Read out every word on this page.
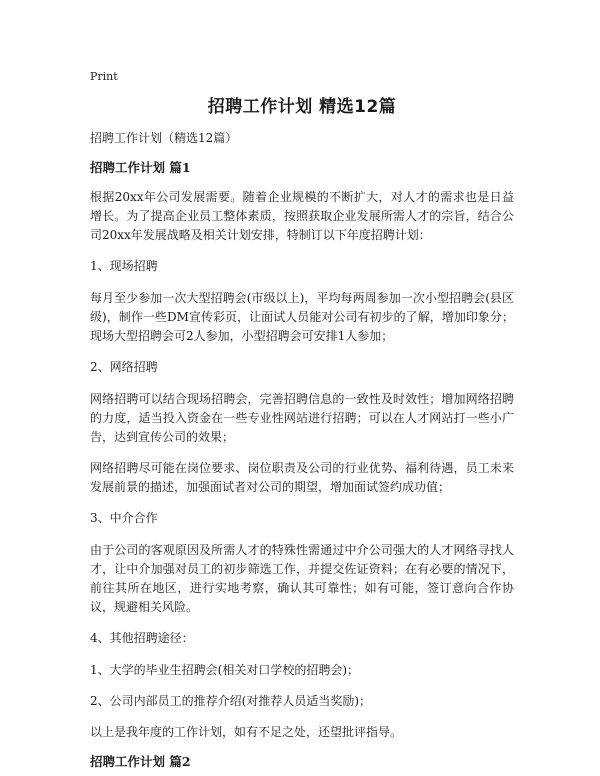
Print
招聘工作计划 精选12篇
招聘工作计划（精选12篇）
招聘工作计划 篇1
根据20xx年公司发展需要。随着企业规模的不断扩大，对人才的需求也是日益增长。为了提高企业员工整体素质，按照获取企业发展所需人才的宗旨，结合公司20xx年发展战略及相关计划安排，特制订以下年度招聘计划：
1、现场招聘
每月至少参加一次大型招聘会(市级以上)，平均每两周参加一次小型招聘会(县区级)，制作一些DM宣传彩页，让面试人员能对公司有初步的了解，增加印象分；现场大型招聘会可2人参加，小型招聘会可安排1人参加；
2、网络招聘
网络招聘可以结合现场招聘会，完善招聘信息的一致性及时效性；增加网络招聘的力度，适当投入资金在一些专业性网站进行招聘；可以在人才网站打一些小广告，达到宣传公司的效果；
网络招聘尽可能在岗位要求、岗位职责及公司的行业优势、福利待遇，员工未来发展前景的描述，加强面试者对公司的期望，增加面试签约成功值；
3、中介合作
由于公司的客观原因及所需人才的特殊性需通过中介公司强大的人才网络寻找人才，让中介加强对员工的初步筛选工作，并提交佐证资料；在有必要的情况下，前往其所在地区，进行实地考察，确认其可靠性；如有可能，签订意向合作协议，规避相关风险。
4、其他招聘途径：
1、大学的毕业生招聘会(相关对口学校的招聘会)；
2、公司内部员工的推荐介绍(对推荐人员适当奖励)；
以上是我年度的工作计划，如有不足之处，还望批评指导。
招聘工作计划 篇2
